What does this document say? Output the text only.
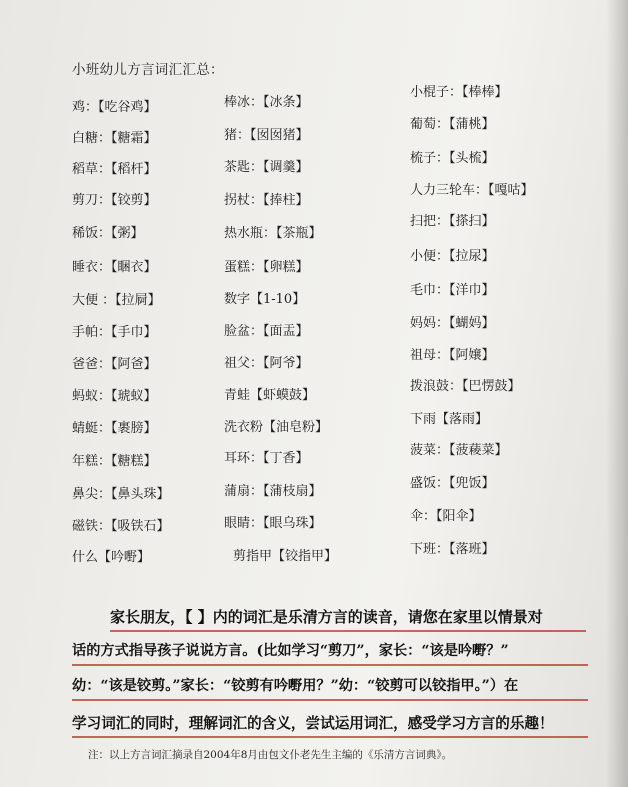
小班幼儿方言词汇汇总：
鸡：【吃谷鸡】
白糖：【糖霜】
稻草：【稻杆】
剪刀：【铰剪】
稀饭：【粥】
睡衣：【睏衣】
大便 ：【拉屙】
手帕：【手巾】
爸爸：【阿爸】
蚂蚁：【琥蚁】
蜻蜓：【裹膀】
年糕：【糖糕】
鼻尖：【鼻头珠】
磁铁：【吸铁石】
什么【吟嘢】
棒冰：【冰条】
猪：【囡囡猪】
茶匙：【调羹】
拐杖：【捧柱】
热水瓶：【茶瓶】
蛋糕：【卵糕】
数字【1-10】
脸盆：【面盂】
祖父：【阿爷】
青蛙【虾蟆鼓】
洗衣粉【油皂粉】
耳环：【丁香】
蒲扇：【蒲枝扇】
眼睛：【眼乌珠】
剪指甲【铰指甲】
小棍子：【棒棒】
葡萄：【蒲桃】
梳子：【头梳】
人力三轮车：【嘎咕】
扫把：【搽扫】
小便：【拉尿】
毛巾：【洋巾】
妈妈：【蝴妈】
祖母：【阿嬢】
拨浪鼓：【巴愣鼓】
下雨【落雨】
菠菜：【菠薐菜】
盛饭：【兜饭】
伞：【阳伞】
下班：【落班】
家长朋友，【 】内的词汇是乐清方言的读音，请您在家里以情景对
话的方式指导孩子说说方言。(比如学习“剪刀”，家长：“该是吟嘢？”
幼：“该是铰剪。”家长：“铰剪有吟嘢用？”幼：“铰剪可以铰指甲。”）在
学习词汇的同时，理解词汇的含义，尝试运用词汇，感受学习方言的乐趣！
注：以上方言词汇摘录自2004年8月由包文仆老先生主编的《乐清方言词典》。
